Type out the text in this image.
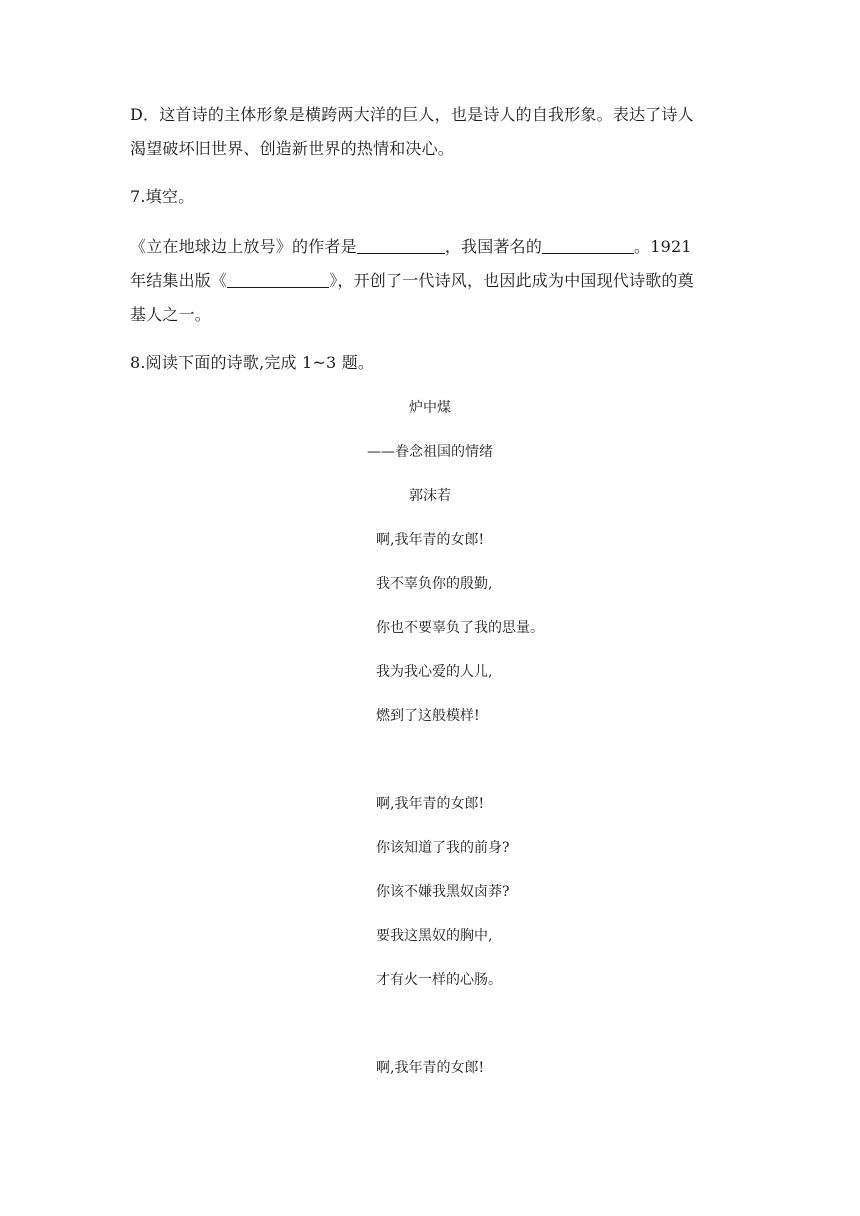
D．这首诗的主体形象是横跨两大洋的巨人，也是诗人的自我形象。表达了诗人
渴望破坏旧世界、创造新世界的热情和决心。

7.填空。

《立在地球边上放号》的作者是	，我国著名的	。1921
年结集出版《	》，开创了一代诗风，也因此成为中国现代诗歌的奠
基人之一。

8.阅读下面的诗歌,完成 1~3 题。

炉中煤

——眷念祖国的情绪

郭沫若

啊,我年青的女郎!

我不辜负你的殷勤,

你也不要辜负了我的思量。

我为我心爱的人儿,

燃到了这般模样!

啊,我年青的女郎!

你该知道了我的前身?

你该不嫌我黑奴卤莽?

要我这黑奴的胸中,

才有火一样的心肠。

啊,我年青的女郎!
